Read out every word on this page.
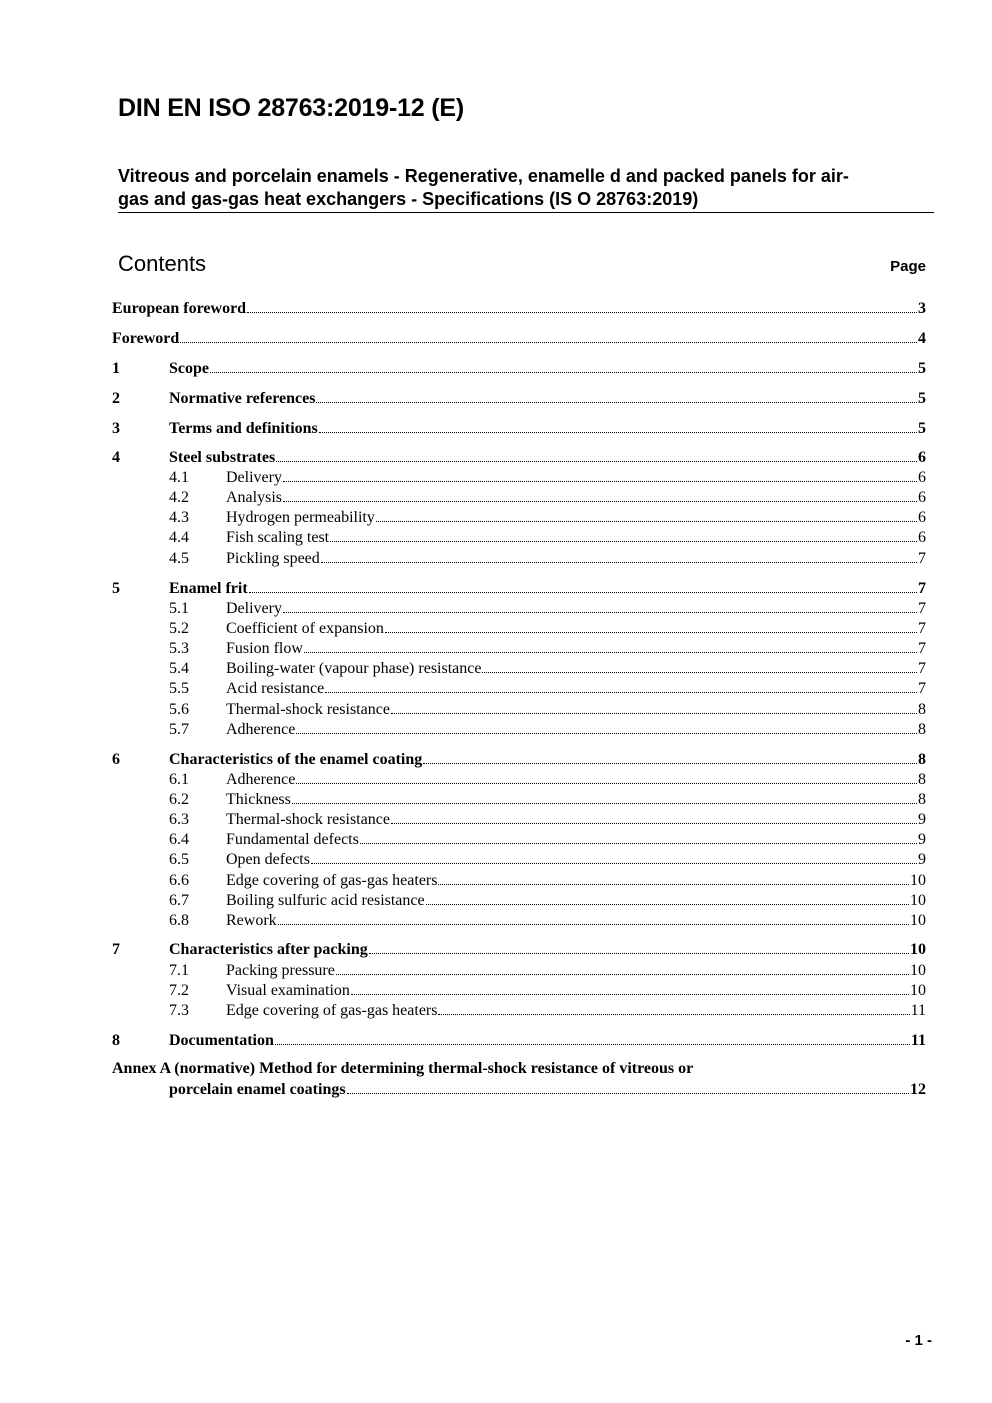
DIN EN ISO 28763:2019-12 (E)
Vitreous and porcelain enamels - Regenerative, enamelle d and packed panels for air-
gas and gas-gas heat exchangers - Specifications (IS O 28763:2019)
Contents	Page
European foreword	3
Foreword	4
1	Scope	5
2	Normative references	5
3	Terms and definitions	5
4	Steel substrates	6
4.1	Delivery	6
4.2	Analysis	6
4.3	Hydrogen permeability	6
4.4	Fish scaling test	6
4.5	Pickling speed	7
5	Enamel frit	7
5.1	Delivery	7
5.2	Coefficient of expansion	7
5.3	Fusion flow	7
5.4	Boiling-water (vapour phase) resistance	7
5.5	Acid resistance	7
5.6	Thermal-shock resistance	8
5.7	Adherence	8
6	Characteristics of the enamel coating	8
6.1	Adherence	8
6.2	Thickness	8
6.3	Thermal-shock resistance	9
6.4	Fundamental defects	9
6.5	Open defects	9
6.6	Edge covering of gas-gas heaters	10
6.7	Boiling sulfuric acid resistance	10
6.8	Rework	10
7	Characteristics after packing	10
7.1	Packing pressure	10
7.2	Visual examination	10
7.3	Edge covering of gas-gas heaters	11
8	Documentation	11
Annex A (normative) Method for determining thermal-shock resistance of vitreous or
porcelain enamel coatings	12
- 1 -
